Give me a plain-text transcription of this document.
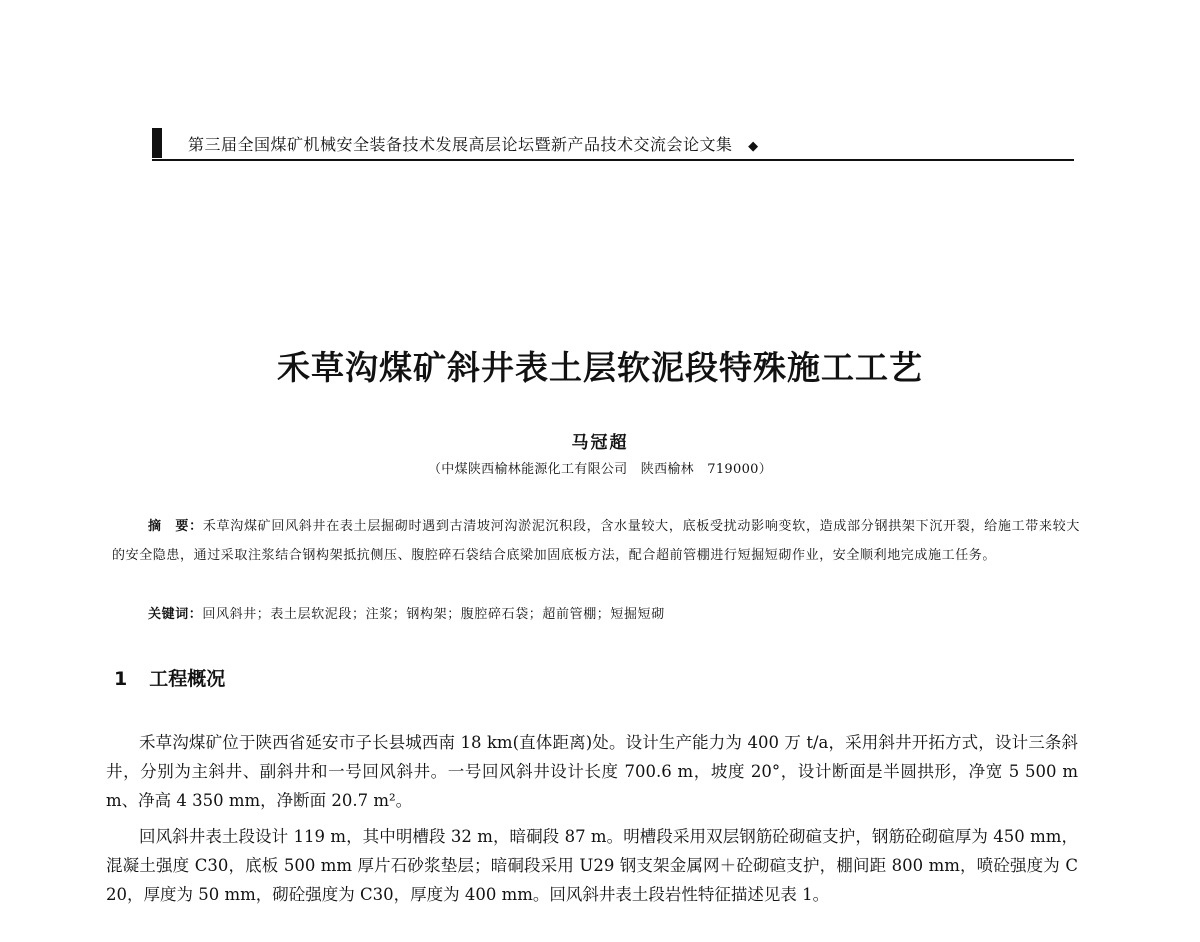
第三届全国煤矿机械安全装备技术发展高层论坛暨新产品技术交流会论文集 ◆
禾草沟煤矿斜井表土层软泥段特殊施工工艺
马冠超
（中煤陕西榆林能源化工有限公司　陕西榆林　719000）
摘　要：禾草沟煤矿回风斜井在表土层掘砌时遇到古清坡河沟淤泥沉积段，含水量较大，底板受扰动影响变软，造成部分钢拱架下沉开裂，给施工带来较大的安全隐患，通过采取注浆结合钢构架抵抗侧压、腹腔碎石袋结合底梁加固底板方法，配合超前管棚进行短掘短砌作业，安全顺利地完成施工任务。
关键词：回风斜井；表土层软泥段；注浆；钢构架；腹腔碎石袋；超前管棚；短掘短砌
1 工程概况

禾草沟煤矿位于陕西省延安市子长县城西南 18 km(直体距离)处。设计生产能力为 400 万 t/a，采用斜井开拓方式，设计三条斜井，分别为主斜井、副斜井和一号回风斜井。一号回风斜井设计长度 700.6 m，坡度 20°，设计断面是半圆拱形，净宽 5 500 mm、净高 4 350 mm，净断面 20.7 m²。

回风斜井表土段设计 119 m，其中明槽段 32 m，暗硐段 87 m。明槽段采用双层钢筋砼砌碹支护，钢筋砼砌碹厚为 450 mm，混凝土强度 C30，底板 500 mm 厚片石砂浆垫层；暗硐段采用 U29 钢支架金属网＋砼砌碹支护，棚间距 800 mm，喷砼强度为 C20，厚度为 50 mm，砌砼强度为 C30，厚度为 400 mm。回风斜井表土段岩性特征描述见表 1。
